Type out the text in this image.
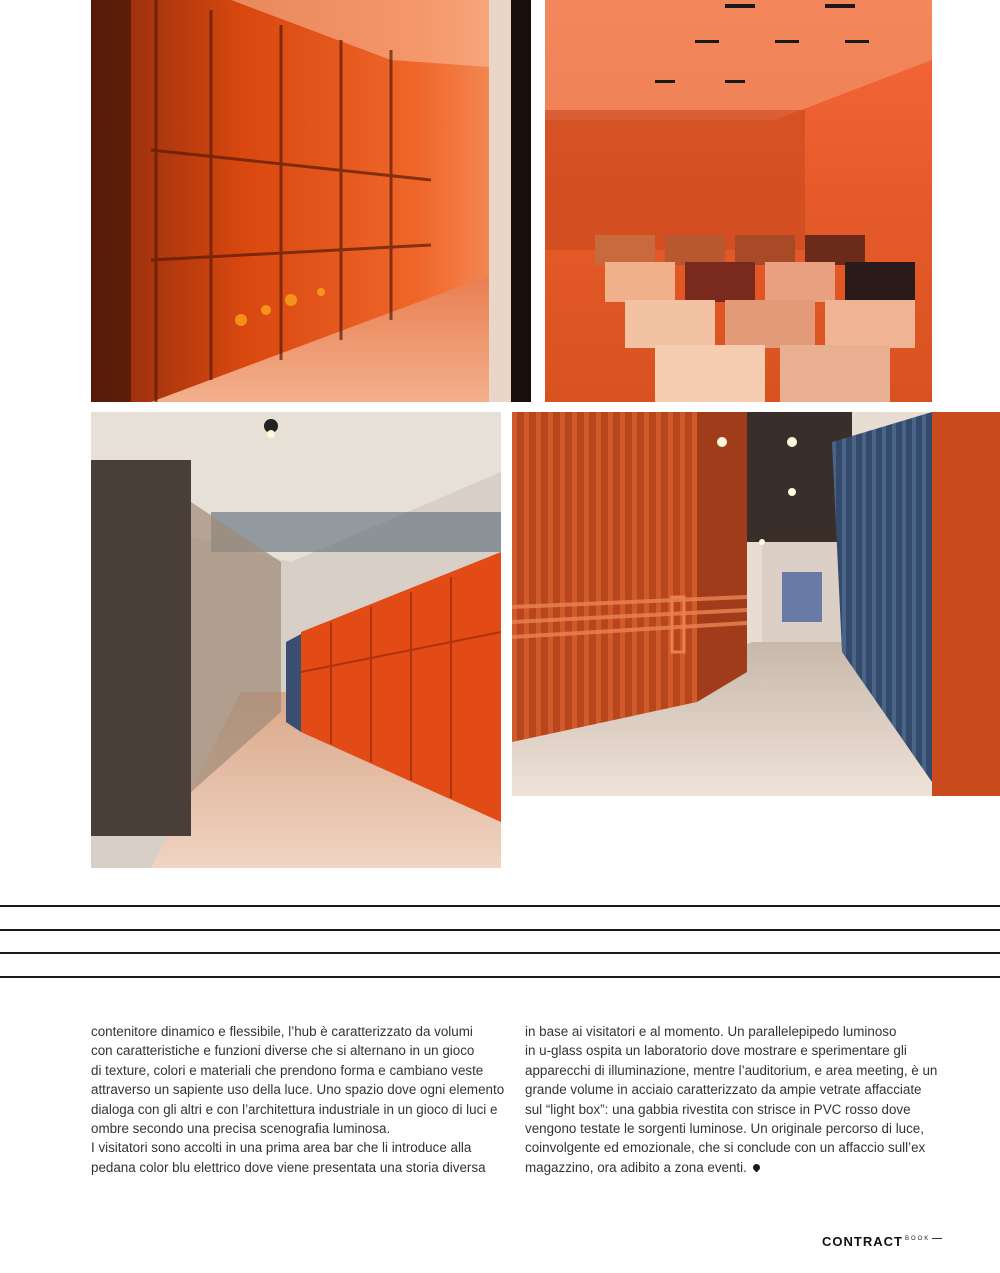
contenitore dinamico e flessibile, l’hub è caratterizzato da volumi

con caratteristiche e funzioni diverse che si alternano in un gioco

di texture, colori e materiali che prendono forma e cambiano veste

attraverso un sapiente uso della luce. Uno spazio dove ogni elemento

dialoga con gli altri e con l’architettura industriale in un gioco di luci e

ombre secondo una precisa scenografia luminosa.

I visitatori sono accolti in una prima area bar che li introduce alla

pedana color blu elettrico dove viene presentata una storia diversa

in base ai visitatori e al momento. Un parallelepipedo luminoso

in u-glass ospita un laboratorio dove mostrare e sperimentare gli

apparecchi di illuminazione, mentre l’auditorium, e area meeting, è un

grande volume in acciaio caratterizzato da ampie vetrate affacciate

sul “light box”: una gabbia rivestita con strisce in PVC rosso dove

vengono testate le sorgenti luminose. Un originale percorso di luce,

coinvolgente ed emozionale, che si conclude con un affaccio sull’ex

magazzino, ora adibito a zona eventi.

CONTRACT BOOK
